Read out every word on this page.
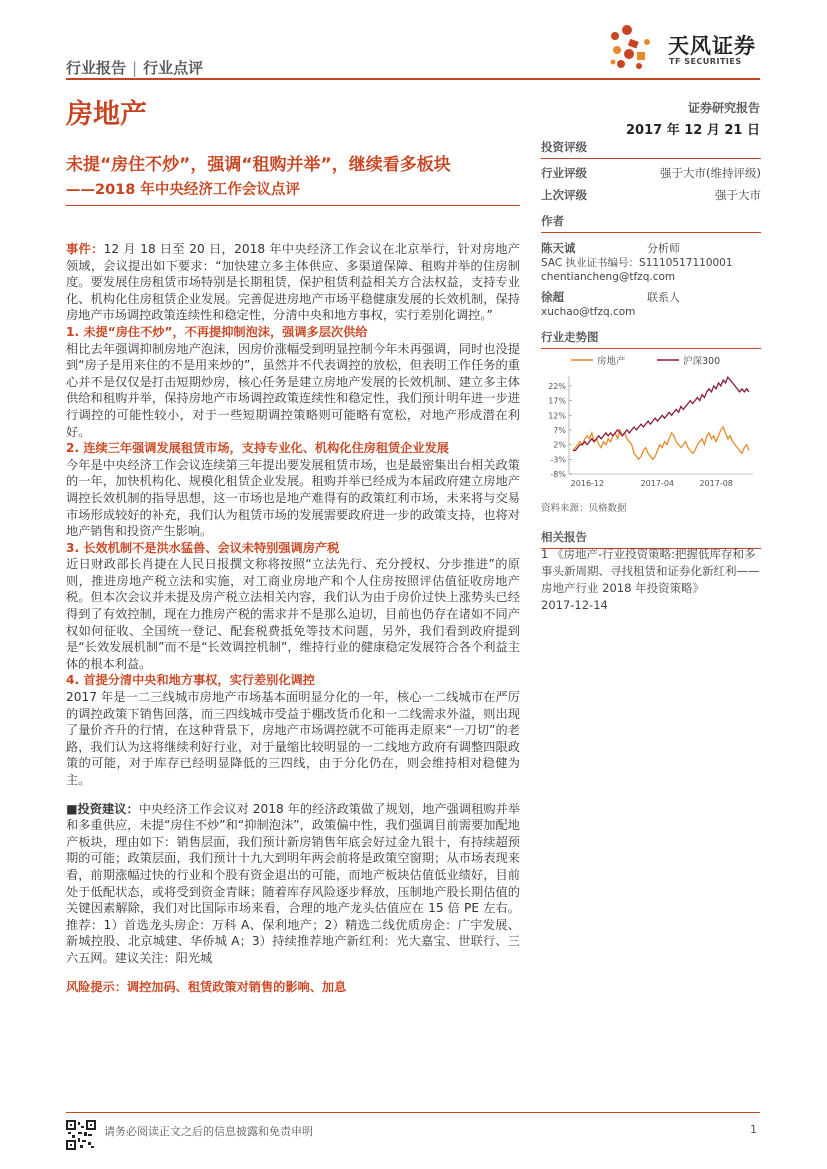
行业报告 | 行业点评
天风证券
TF SECURITIES
房地产	证券研究报告
2017 年 12 月 21 日
未提“房住不炒”，强调“租购并举”，继续看多板块
——2018 年中央经济工作会议点评

事件：12 月 18 日至 20 日，2018 年中央经济工作会议在北京举行，针对房地产领域，会议提出如下要求：“加快建立多主体供应、多渠道保障、租购并举的住房制度。要发展住房租赁市场特别是长期租赁，保护租赁利益相关方合法权益，支持专业化、机构化住房租赁企业发展。完善促进房地产市场平稳健康发展的长效机制，保持房地产市场调控政策连续性和稳定性，分清中央和地方事权，实行差别化调控。”

1. 未提“房住不炒”，不再提抑制泡沫，强调多层次供给

相比去年强调抑制房地产泡沫，因房价涨幅受到明显控制今年未再强调，同时也没提到“房子是用来住的不是用来炒的”，虽然并不代表调控的放松，但表明工作任务的重心并不是仅仅是打击短期炒房，核心任务是建立房地产发展的长效机制、建立多主体供给和租购并举，保持房地产市场调控政策连续性和稳定性，我们预计明年进一步进行调控的可能性较小，对于一些短期调控策略则可能略有宽松，对地产形成潜在利好。

2. 连续三年强调发展租赁市场，支持专业化、机构化住房租赁企业发展

今年是中央经济工作会议连续第三年提出要发展租赁市场，也是最密集出台相关政策的一年，加快机构化、规模化租赁企业发展。租购并举已经成为本届政府建立房地产调控长效机制的指导思想，这一市场也是地产难得有的政策红利市场，未来将与交易市场形成较好的补充，我们认为租赁市场的发展需要政府进一步的政策支持，也将对地产销售和投资产生影响。

3. 长效机制不是洪水猛兽、会议未特别强调房产税

近日财政部长肖捷在人民日报撰文称将按照“立法先行、充分授权、分步推进”的原则，推进房地产税立法和实施，对工商业房地产和个人住房按照评估值征收房地产税。但本次会议并未提及房产税立法相关内容，我们认为由于房价过快上涨势头已经得到了有效控制，现在力推房产税的需求并不是那么迫切，目前也仍存在诸如不同产权如何征收、全国统一登记、配套税费抵免等技术问题，另外，我们看到政府提到是“长效发展机制”而不是“长效调控机制”，维持行业的健康稳定发展符合各个利益主体的根本利益。

4. 首提分清中央和地方事权，实行差别化调控

2017 年是一二三线城市房地产市场基本面明显分化的一年，核心一二线城市在严厉的调控政策下销售回落，而三四线城市受益于棚改货币化和一二线需求外溢，则出现了量价齐升的行情，在这种背景下，房地产市场调控就不可能再走原来“一刀切”的老路，我们认为这将继续利好行业，对于量缩比较明显的一二线地方政府有调整四限政策的可能，对于库存已经明显降低的三四线，由于分化仍在，则会维持相对稳健为主。

■投资建议：中央经济工作会议对 2018 年的经济政策做了规划，地产强调租购并举和多重供应，未提“房住不炒”和“抑制泡沫”，政策偏中性，我们强调目前需要加配地产板块，理由如下：销售层面，我们预计新房销售年底会好过金九银十，有持续超预期的可能；政策层面，我们预计十九大到明年两会前将是政策空窗期；从市场表现来看，前期涨幅过快的行业和个股有资金退出的可能，而地产板块估值低业绩好，目前处于低配状态，或将受到资金青睐；随着库存风险逐步释放，压制地产股长期估值的关键因素解除，我们对比国际市场来看，合理的地产龙头估值应在 15 倍 PE 左右。推荐：1）首选龙头房企：万科 A、保利地产；2）精选二线优质房企：广宇发展、新城控股、北京城建、华侨城 A；3）持续推荐地产新红利：光大嘉宝、世联行、三六五网。建议关注：阳光城

风险提示：调控加码、租赁政策对销售的影响、加息

投资评级
行业评级	强于大市(维持评级)
上次评级	强于大市
作者
陈天诚	分析师
SAC 执业证书编号：S1110517110001
chentiancheng@tfzq.com
徐超	联系人
xuchao@tfzq.com
行业走势图
房地产	沪深300
22%
17%
12%
7%
2%
-3%
-8%
2016-12	2017-04	2017-08
资料来源：贝格数据
相关报告
1 《房地产-行业投资策略:把握低库存和多事头新周期、寻找租赁和证券化新红利——房地产行业 2018 年投资策略》
2017-12-14
请务必阅读正文之后的信息披露和免责申明	1
